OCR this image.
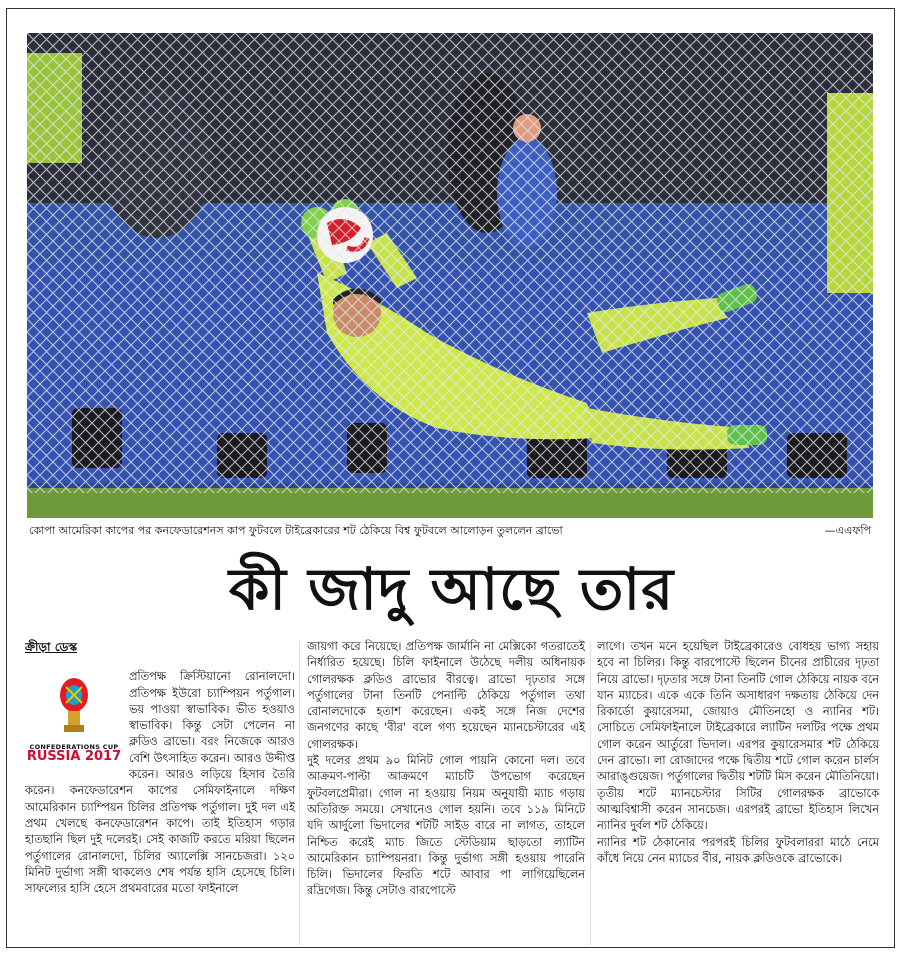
কোপা আমেরিকা কাপের পর কনফেডারেশনস কাপ ফুটবলে টাইব্রেকারের শট ঠেকিয়ে বিশ্ব ফুটবলে আলোড়ন তুললেন ব্রাভো	—এএফপি
কী জাদু আছে তার
ক্রীড়া ডেস্ক
CONFEDERATIONS CUP
RUSSIA 2017

প্রতিপক্ষ ক্রিস্টিয়ানো রোনালদো। প্রতিপক্ষ ইউরো চ্যাম্পিয়ন পর্তুগাল। ভয় পাওয়া স্বাভাবিক। ভীত হওয়াও স্বাভাবিক। কিন্তু সেটা পেলেন না ক্লডিও ব্রাভো। বরং নিজেকে আরও বেশি উৎসাহিত করেন। আরও উদ্দীপ্ত করেন। আরও লড়িয়ে হিসাব তৈরি করেন। কনফেডারেশন কাপের সেমিফাইনালে দক্ষিণ আমেরিকান চ্যাম্পিয়ন চিলির প্রতিপক্ষ পর্তুগাল। দুই দল এই প্রথম খেলছে কনফেডারেশন কাপে। তাই ইতিহাস গড়ার হাতছানি ছিল দুই দলেরই। সেই কাজটি করতে মরিয়া ছিলেন পর্তুগালের রোনালদো, চিলির অ্যালেক্সি সানচেজরা। ১২০ মিনিট দুর্ভাগ্য সঙ্গী থাকলেও শেষ পর্যন্ত হাসি হেসেছে চিলি। সাফল্যের হাসি হেসে প্রথমবারের মতো ফাইনালে

জায়গা করে নিয়েছে। প্রতিপক্ষ জার্মানি না মেক্সিকো গতরাতেই নির্ধারিত হয়েছে। চিলি ফাইনালে উঠেছে দলীয় অধিনায়ক গোলরক্ষক ক্লডিও ব্রাভোর বীরত্বে। ব্রাভো দৃঢ়তার সঙ্গে পর্তুগালের টানা তিনটি পেনাল্টি ঠেকিয়ে পর্তুগাল তথা রোনালদোকে হতাশ করেছেন। একই সঙ্গে নিজ দেশের জনগণের কাছে 'বীর' বলে গণ্য হয়েছেন ম্যানচেস্টারের এই গোলরক্ষক।
দুই দলের প্রথম ৯০ মিনিট গোল পায়নি কোনো দল। তবে আক্রমণ-পাল্টা আক্রমণে ম্যাচটি উপভোগ করেছেন ফুটবলপ্রেমীরা। গোল না হওয়ায় নিয়ম অনুযায়ী ম্যাচ গড়ায় অতিরিক্ত সময়ে। সেখানেও গোল হয়নি। তবে ১১৯ মিনিটে যদি আর্দুলো ভিদালের শটটি সাইড বারে না লাগত, তাহলে নিশ্চিত করেই ম্যাচ জিতে স্টেডিয়াম ছাড়তো ল্যাটিন আমেরিকান চ্যাম্পিয়নরা। কিন্তু দুর্ভাগ্য সঙ্গী হওয়ায় পারেনি চিলি। ভিদালের ফিরতি শটে আবার পা লাগিয়েছিলেন রদ্রিগেজ। কিন্তু সেটাও বারপোস্টে

লাগে। তখন মনে হয়েছিল টাইব্রেকারেও বোধহয় ভাগ্য সহায় হবে না চিলির। কিন্তু বারপোস্টে ছিলেন চীনের প্রাচীরের দৃঢ়তা নিয়ে ব্রাভো। দৃঢ়তার সঙ্গে টানা তিনটি গোল ঠেকিয়ে নায়ক বনে যান ম্যাচের। একে একে তিনি অসাধারণ দক্ষতায় ঠেকিয়ে দেন রিকার্ডো কুয়ারেসমা, জোয়াও মৌতিনহো ও ন্যানির শট। সোচিতে সেমিফাইনালে টাইব্রেকারে ল্যাটিন দলটির পক্ষে প্রথম গোল করেন আর্তুরো ভিদাল। এরপর কুয়ারেসমার শট ঠেকিয়ে দেন ব্রাভো। লা রোজাদের পক্ষে দ্বিতীয় শটে গোল করেন চার্লস আরাঙ্গুয়েজ। পর্তুগালের দ্বিতীয় শটটি মিস করেন মৌতিনিয়ো। তৃতীয় শটে ম্যানচেস্টার সিটির গোলরক্ষক ব্রাভোকে আত্মবিশ্বাসী করেন সানচেজ। এরপরই ব্রাভো ইতিহাস লিখেন ন্যানির দুর্বল শট ঠেকিয়ে।
ন্যানির শট ঠেকানোর পরপরই চিলির ফুটবলাররা মাঠে নেমে কাঁধে নিয়ে নেন ম্যাচের বীর, নায়ক ক্লডিওকে ব্রাভোকে।
